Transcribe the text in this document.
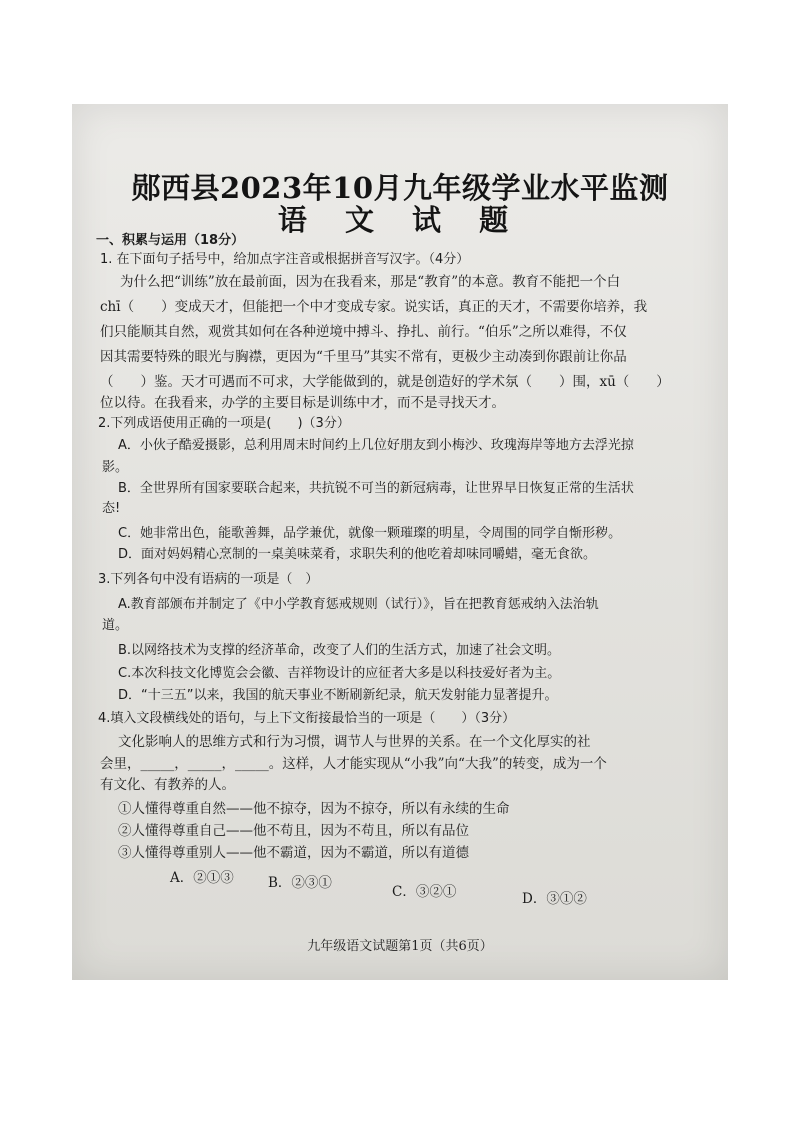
郧西县2023年10月九年级学业水平监测
语 文 试 题
一、积累与运用（18分）
1. 在下面句子括号中，给加点字注音或根据拼音写汉字。（4分）
为什么把“训练”放在最前面，因为在我看来，那是“教育”的本意。教育不能把一个白
chī（　　）变成天才，但能把一个中才变成专家。说实话，真正的天才，不需要你培养，我
们只能顺其自然，观赏其如何在各种逆境中搏斗、挣扎、前行。“伯乐”之所以难得，不仅
因其需要特殊的眼光与胸襟，更因为“千里马”其实不常有，更极少主动凑到你跟前让你品
（　　）鉴。天才可遇而不可求，大学能做到的，就是创造好的学术氛（　　）围，xū（　　）
位以待。在我看来，办学的主要目标是训练中才，而不是寻找天才。
2.下列成语使用正确的一项是(　　)（3分）
A．小伙子酷爱摄影，总利用周末时间约上几位好朋友到小梅沙、玫瑰海岸等地方去浮光掠
影。
B．全世界所有国家要联合起来，共抗锐不可当的新冠病毒，让世界早日恢复正常的生活状
态!
C．她非常出色，能歌善舞，品学兼优，就像一颗璀璨的明星，令周围的同学自惭形秽。
D．面对妈妈精心烹制的一桌美味菜肴，求职失利的他吃着却味同嚼蜡，毫无食欲。
3.下列各句中没有语病的一项是（　）
A.教育部颁布并制定了《中小学教育惩戒规则（试行）》，旨在把教育惩戒纳入法治轨
道。
B.以网络技术为支撑的经济革命，改变了人们的生活方式，加速了社会文明。
C.本次科技文化博览会会徽、吉祥物设计的应征者大多是以科技爱好者为主。
D．“十三五”以来，我国的航天事业不断刷新纪录，航天发射能力显著提升。
4.填入文段横线处的语句，与上下文衔接最恰当的一项是（　　）（3分）
文化影响人的思维方式和行为习惯，调节人与世界的关系。在一个文化厚实的社
会里，_____，_____，_____。这样，人才能实现从“小我”向“大我”的转变，成为一个
有文化、有教养的人。
①人懂得尊重自然——他不掠夺，因为不掠夺，所以有永续的生命
②人懂得尊重自己——他不苟且，因为不苟且，所以有品位
③人懂得尊重别人——他不霸道，因为不霸道，所以有道德
A．②①③	B．②③①
C．③②①	D．③①②
九年级语文试题第1页（共6页）
